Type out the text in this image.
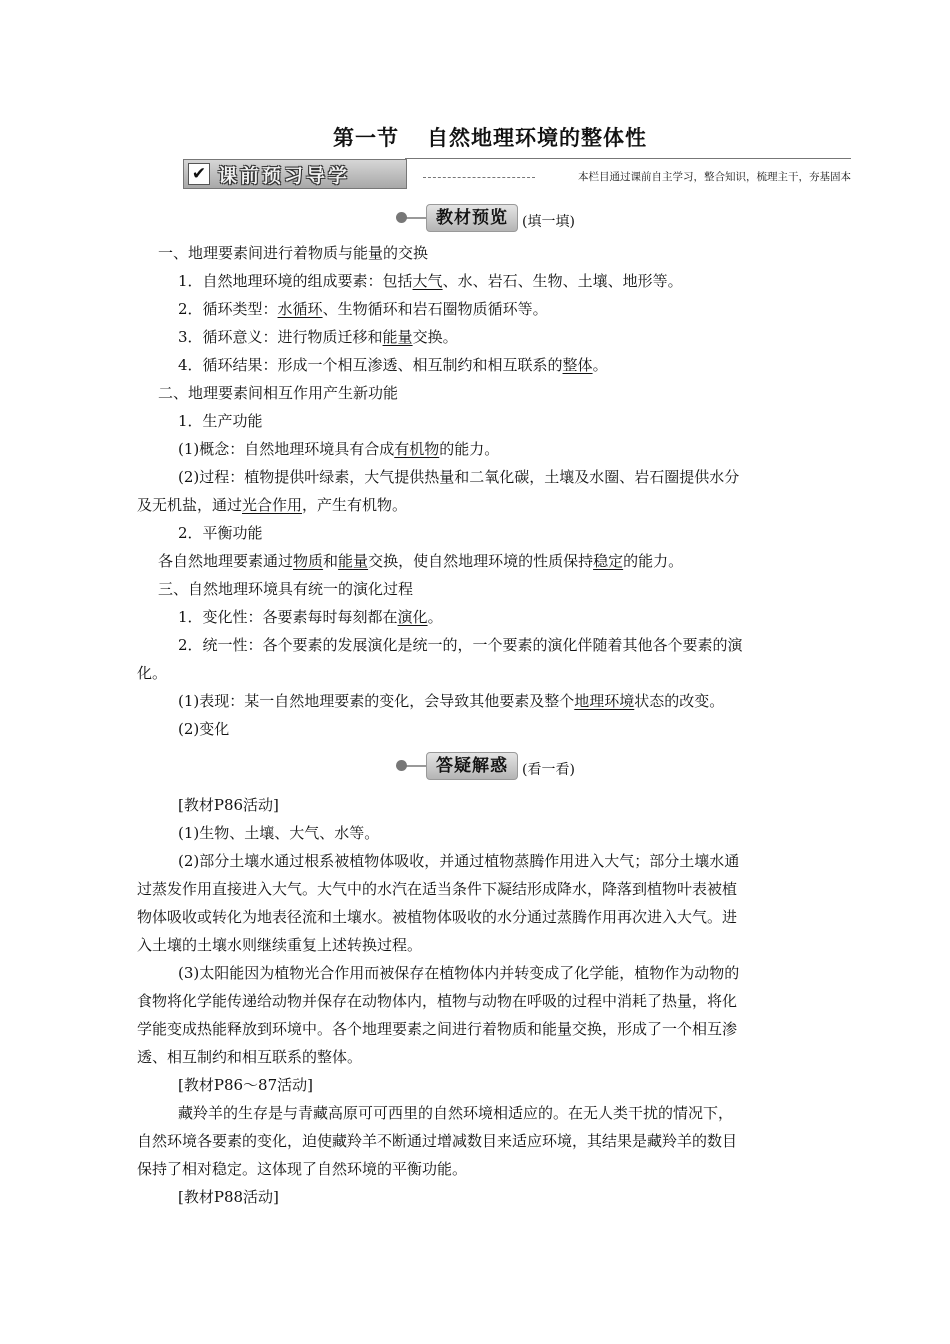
第一节 自然地理环境的整体性
✔ 课前预习导学	本栏目通过课前自主学习，整合知识，梳理主干，夯基固本
教材预览	(填一填)
一、地理要素间进行着物质与能量的交换
1．自然地理环境的组成要素：包括大气、水、岩石、生物、土壤、地形等。
2．循环类型：水循环、生物循环和岩石圈物质循环等。
3．循环意义：进行物质迁移和能量交换。
4．循环结果：形成一个相互渗透、相互制约和相互联系的整体。
二、地理要素间相互作用产生新功能
1．生产功能
(1)概念：自然地理环境具有合成有机物的能力。
(2)过程：植物提供叶绿素，大气提供热量和二氧化碳，土壤及水圈、岩石圈提供水分
及无机盐，通过光合作用，产生有机物。
2．平衡功能
各自然地理要素通过物质和能量交换，使自然地理环境的性质保持稳定的能力。
三、自然地理环境具有统一的演化过程
1．变化性：各要素每时每刻都在演化。
2．统一性：各个要素的发展演化是统一的，一个要素的演化伴随着其他各个要素的演
化。
(1)表现：某一自然地理要素的变化，会导致其他要素及整个地理环境状态的改变。
(2)变化
答疑解惑	(看一看)
[教材P86活动]
(1)生物、土壤、大气、水等。
(2)部分土壤水通过根系被植物体吸收，并通过植物蒸腾作用进入大气；部分土壤水通
过蒸发作用直接进入大气。大气中的水汽在适当条件下凝结形成降水，降落到植物叶表被植
物体吸收或转化为地表径流和土壤水。被植物体吸收的水分通过蒸腾作用再次进入大气。进
入土壤的土壤水则继续重复上述转换过程。
(3)太阳能因为植物光合作用而被保存在植物体内并转变成了化学能，植物作为动物的
食物将化学能传递给动物并保存在动物体内，植物与动物在呼吸的过程中消耗了热量，将化
学能变成热能释放到环境中。各个地理要素之间进行着物质和能量交换，形成了一个相互渗
透、相互制约和相互联系的整体。
[教材P86～87活动]
藏羚羊的生存是与青藏高原可可西里的自然环境相适应的。在无人类干扰的情况下，
自然环境各要素的变化，迫使藏羚羊不断通过增减数目来适应环境，其结果是藏羚羊的数目
保持了相对稳定。这体现了自然环境的平衡功能。
[教材P88活动]
